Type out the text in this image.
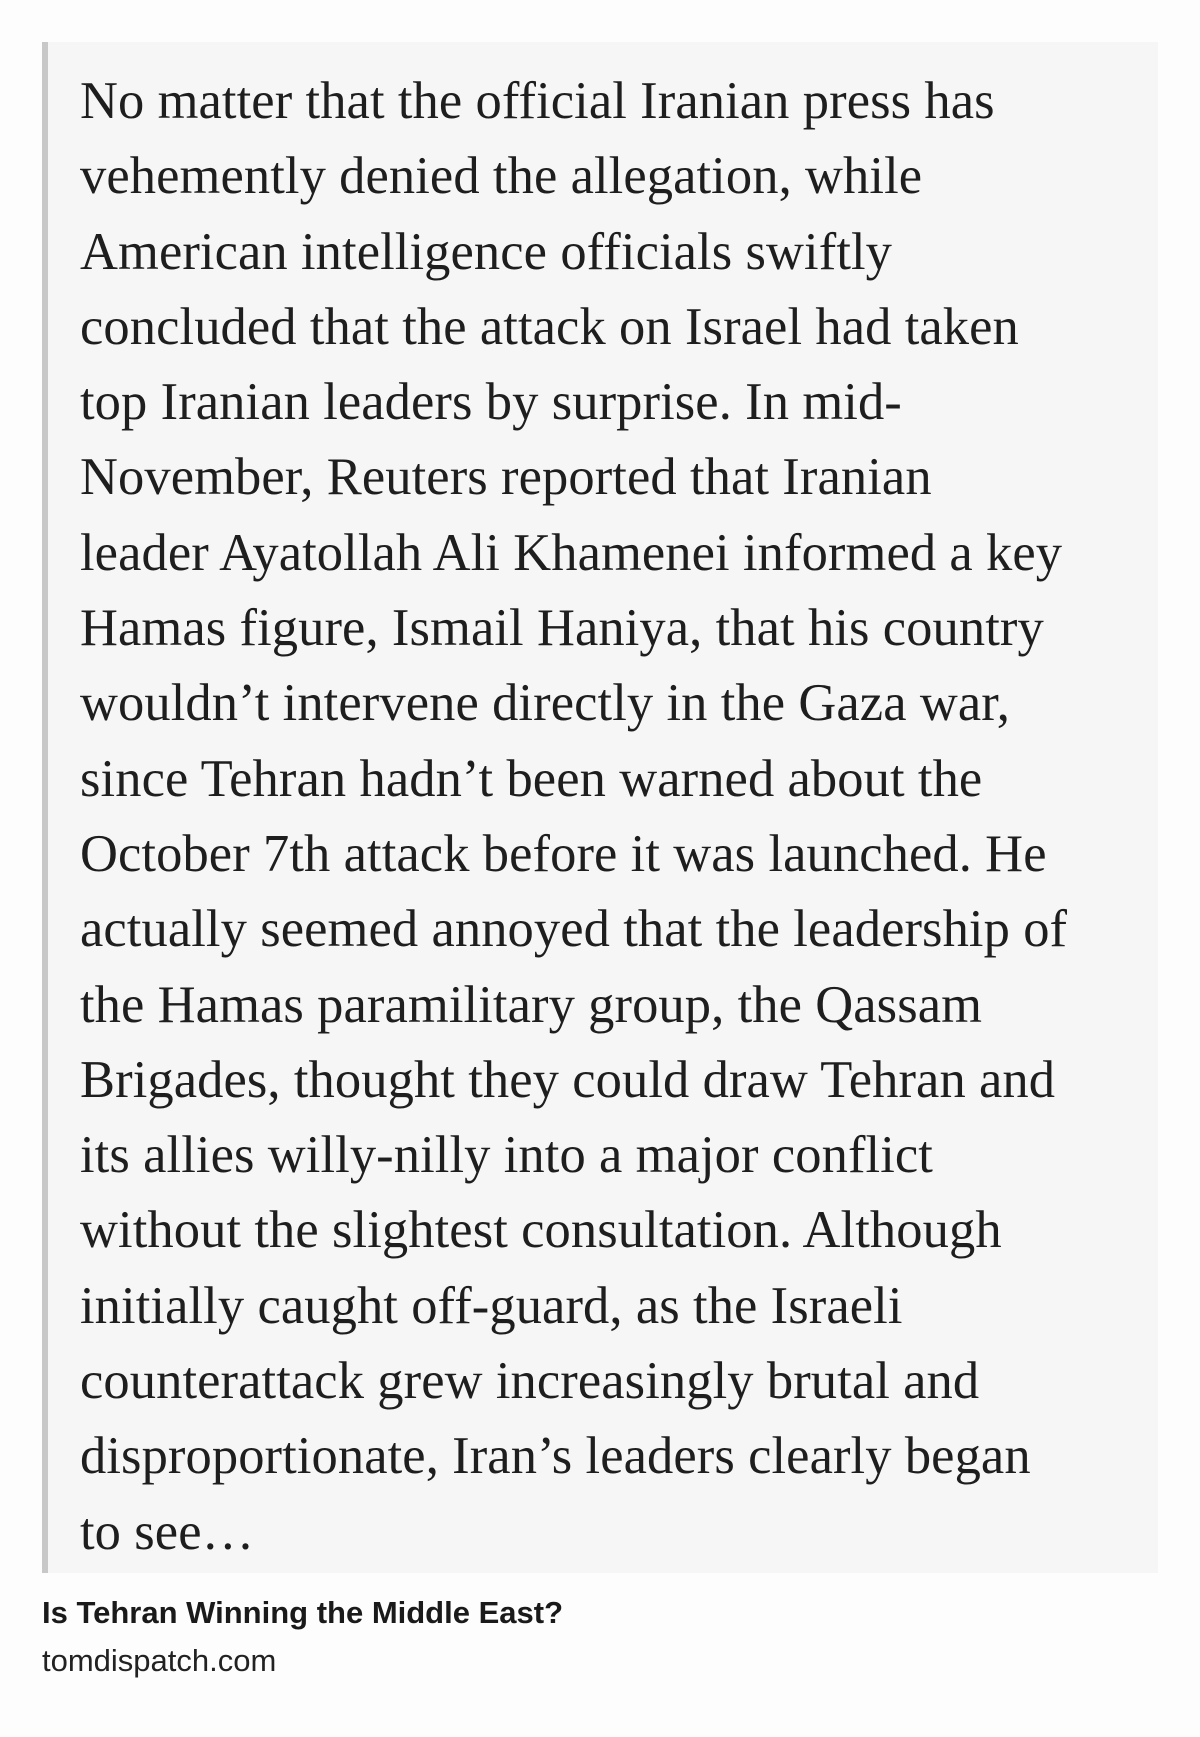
No matter that the official Iranian press has
vehemently denied the allegation, while
American intelligence officials swiftly
concluded that the attack on Israel had taken
top Iranian leaders by surprise. In mid-
November, Reuters reported that Iranian
leader Ayatollah Ali Khamenei informed a key
Hamas figure, Ismail Haniya, that his country
wouldn’t intervene directly in the Gaza war,
since Tehran hadn’t been warned about the
October 7th attack before it was launched. He
actually seemed annoyed that the leadership of
the Hamas paramilitary group, the Qassam
Brigades, thought they could draw Tehran and
its allies willy-nilly into a major conflict
without the slightest consultation. Although
initially caught off-guard, as the Israeli
counterattack grew increasingly brutal and
disproportionate, Iran’s leaders clearly began
to see…

Is Tehran Winning the Middle East?

tomdispatch.com
